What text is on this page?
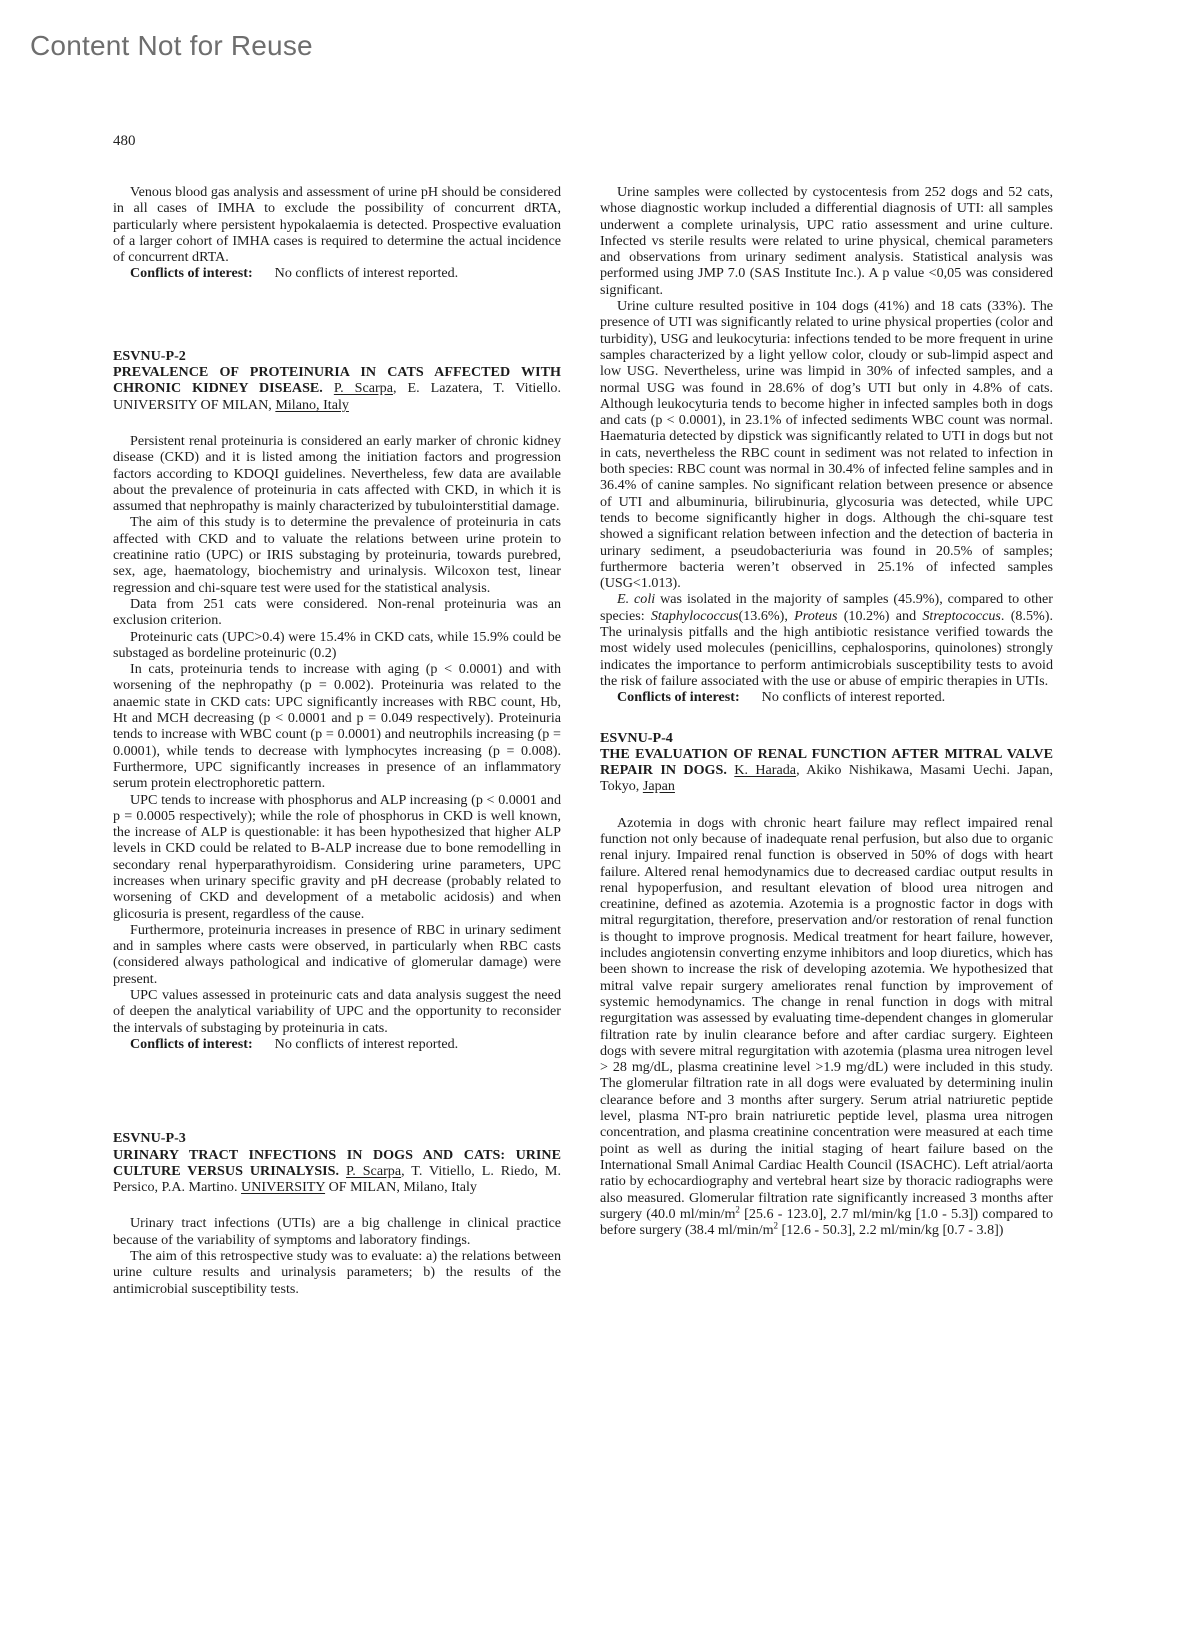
Content Not for Reuse
480

Venous blood gas analysis and assessment of urine pH should be considered in all cases of IMHA to exclude the possibility of concurrent dRTA, particularly where persistent hypokalaemia is detected. Prospective evaluation of a larger cohort of IMHA cases is required to determine the actual incidence of concurrent dRTA.

Conflicts of interest: No conflicts of interest reported.
ESVNU-P-2
PREVALENCE OF PROTEINURIA IN CATS AFFECTED WITH CHRONIC KIDNEY DISEASE. P. Scarpa, E. Lazatera, T. Vitiello. UNIVERSITY OF MILAN, Milano, Italy

Persistent renal proteinuria is considered an early marker of chronic kidney disease (CKD) and it is listed among the initiation factors and progression factors according to KDOQI guidelines. Nevertheless, few data are available about the prevalence of proteinuria in cats affected with CKD, in which it is assumed that nephropathy is mainly characterized by tubulointerstitial damage.

The aim of this study is to determine the prevalence of proteinuria in cats affected with CKD and to valuate the relations between urine protein to creatinine ratio (UPC) or IRIS substaging by proteinuria, towards purebred, sex, age, haematology, biochemistry and urinalysis. Wilcoxon test, linear regression and chi-square test were used for the statistical analysis.

Data from 251 cats were considered. Non-renal proteinuria was an exclusion criterion.

Proteinuric cats (UPC>0.4) were 15.4% in CKD cats, while 15.9% could be substaged as bordeline proteinuric (0.2)

In cats, proteinuria tends to increase with aging (p < 0.0001) and with worsening of the nephropathy (p = 0.002). Proteinuria was related to the anaemic state in CKD cats: UPC significantly increases with RBC count, Hb, Ht and MCH decreasing (p < 0.0001 and p = 0.049 respectively). Proteinuria tends to increase with WBC count (p = 0.0001) and neutrophils increasing (p = 0.0001), while tends to decrease with lymphocytes increasing (p = 0.008). Furthermore, UPC significantly increases in presence of an inflammatory serum protein electrophoretic pattern.

UPC tends to increase with phosphorus and ALP increasing (p < 0.0001 and p = 0.0005 respectively); while the role of phosphorus in CKD is well known, the increase of ALP is questionable: it has been hypothesized that higher ALP levels in CKD could be related to B-ALP increase due to bone remodelling in secondary renal hyperparathyroidism. Considering urine parameters, UPC increases when urinary specific gravity and pH decrease (probably related to worsening of CKD and development of a metabolic acidosis) and when glicosuria is present, regardless of the cause.

Furthermore, proteinuria increases in presence of RBC in urinary sediment and in samples where casts were observed, in particularly when RBC casts (considered always pathological and indicative of glomerular damage) were present.

UPC values assessed in proteinuric cats and data analysis suggest the need of deepen the analytical variability of UPC and the opportunity to reconsider the intervals of substaging by proteinuria in cats.

Conflicts of interest: No conflicts of interest reported.
ESVNU-P-3
URINARY TRACT INFECTIONS IN DOGS AND CATS: URINE CULTURE VERSUS URINALYSIS. P. Scarpa, T. Vitiello, L. Riedo, M. Persico, P.A. Martino. UNIVERSITY OF MILAN, Milano, Italy

Urinary tract infections (UTIs) are a big challenge in clinical practice because of the variability of symptoms and laboratory findings.

The aim of this retrospective study was to evaluate: a) the relations between urine culture results and urinalysis parameters; b) the results of the antimicrobial susceptibility tests.

Urine samples were collected by cystocentesis from 252 dogs and 52 cats, whose diagnostic workup included a differential diagnosis of UTI: all samples underwent a complete urinalysis, UPC ratio assessment and urine culture. Infected vs sterile results were related to urine physical, chemical parameters and observations from urinary sediment analysis. Statistical analysis was performed using JMP 7.0 (SAS Institute Inc.). A p value <0,05 was considered significant.

Urine culture resulted positive in 104 dogs (41%) and 18 cats (33%). The presence of UTI was significantly related to urine physical properties (color and turbidity), USG and leukocyturia: infections tended to be more frequent in urine samples characterized by a light yellow color, cloudy or sub-limpid aspect and low USG. Nevertheless, urine was limpid in 30% of infected samples, and a normal USG was found in 28.6% of dog’s UTI but only in 4.8% of cats. Although leukocyturia tends to become higher in infected samples both in dogs and cats (p < 0.0001), in 23.1% of infected sediments WBC count was normal. Haematuria detected by dipstick was significantly related to UTI in dogs but not in cats, nevertheless the RBC count in sediment was not related to infection in both species: RBC count was normal in 30.4% of infected feline samples and in 36.4% of canine samples. No significant relation between presence or absence of UTI and albuminuria, bilirubinuria, glycosuria was detected, while UPC tends to become significantly higher in dogs. Although the chi-square test showed a significant relation between infection and the detection of bacteria in urinary sediment, a pseudobacteriuria was found in 20.5% of samples; furthermore bacteria weren’t observed in 25.1% of infected samples (USG<1.013).

E. coli was isolated in the majority of samples (45.9%), compared to other species: Staphylococcus(13.6%), Proteus (10.2%) and Streptococcus. (8.5%). The urinalysis pitfalls and the high antibiotic resistance verified towards the most widely used molecules (penicillins, cephalosporins, quinolones) strongly indicates the importance to perform antimicrobials susceptibility tests to avoid the risk of failure associated with the use or abuse of empiric therapies in UTIs.

Conflicts of interest: No conflicts of interest reported.
ESVNU-P-4
THE EVALUATION OF RENAL FUNCTION AFTER MITRAL VALVE REPAIR IN DOGS. K. Harada, Akiko Nishikawa, Masami Uechi. Japan, Tokyo, Japan

Azotemia in dogs with chronic heart failure may reflect impaired renal function not only because of inadequate renal perfusion, but also due to organic renal injury. Impaired renal function is observed in 50% of dogs with heart failure. Altered renal hemodynamics due to decreased cardiac output results in renal hypoperfusion, and resultant elevation of blood urea nitrogen and creatinine, defined as azotemia. Azotemia is a prognostic factor in dogs with mitral regurgitation, therefore, preservation and/or restoration of renal function is thought to improve prognosis. Medical treatment for heart failure, however, includes angiotensin converting enzyme inhibitors and loop diuretics, which has been shown to increase the risk of developing azotemia. We hypothesized that mitral valve repair surgery ameliorates renal function by improvement of systemic hemodynamics. The change in renal function in dogs with mitral regurgitation was assessed by evaluating time-dependent changes in glomerular filtration rate by inulin clearance before and after cardiac surgery. Eighteen dogs with severe mitral regurgitation with azotemia (plasma urea nitrogen level > 28 mg/dL, plasma creatinine level >1.9 mg/dL) were included in this study. The glomerular filtration rate in all dogs were evaluated by determining inulin clearance before and 3 months after surgery. Serum atrial natriuretic peptide level, plasma NT-pro brain natriuretic peptide level, plasma urea nitrogen concentration, and plasma creatinine concentration were measured at each time point as well as during the initial staging of heart failure based on the International Small Animal Cardiac Health Council (ISACHC). Left atrial/aorta ratio by echocardiography and vertebral heart size by thoracic radiographs were also measured. Glomerular filtration rate significantly increased 3 months after surgery (40.0 $ml/\min/m^2$ [25.6 - 123.0], 2.7 ml/min/kg [1.0 - 5.3]) compared to before surgery (38.4 $ml/\min/m^2$ [12.6 - 50.3], 2.2 ml/min/kg [0.7 - 3.8])
